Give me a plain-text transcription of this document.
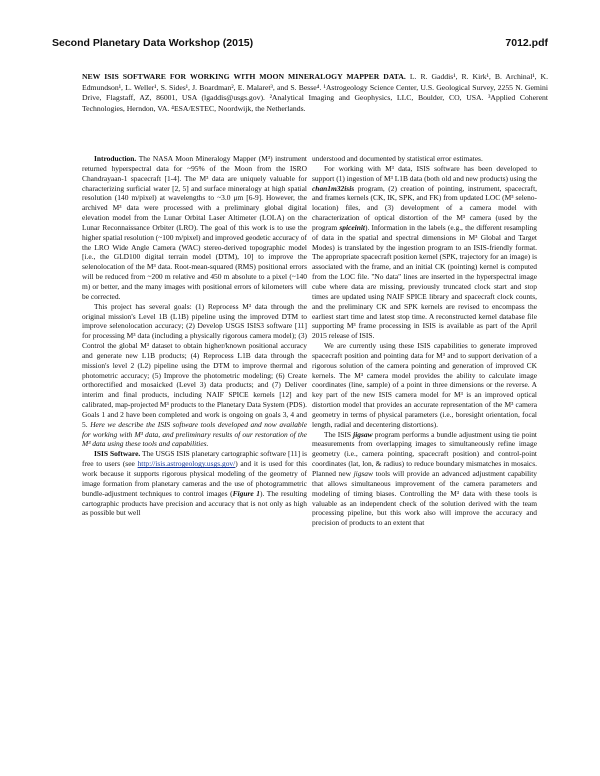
Second Planetary Data Workshop (2015)	7012.pdf
NEW ISIS SOFTWARE FOR WORKING WITH MOON MINERALOGY MAPPER DATA. L. R. Gaddis¹, R. Kirk¹, B. Archinal¹, K. Edmundson¹, L. Weller¹, S. Sides¹, J. Boardman², E. Malaret³, and S. Besse⁴. ¹Astrogeology Science Center, U.S. Geological Survey, 2255 N. Gemini Drive, Flagstaff, AZ, 86001, USA (lgaddis@usgs.gov). ²Analytical Imaging and Geophysics, LLC, Boulder, CO, USA. ³Applied Coherent Technologies, Herndon, VA. ⁴ESA/ESTEC, Noordwijk, the Netherlands.

Introduction. The NASA Moon Mineralogy Mapper (M³) instrument returned hyperspectral data for ~95% of the Moon from the ISRO Chandrayaan-1 spacecraft [1-4]. The M³ data are uniquely valuable for characterizing surficial water [2, 5] and surface mineralogy at high spatial resolution (140 m/pixel) at wavelengths to ~3.0 μm [6-9]. However, the archived M³ data were processed with a preliminary global digital elevation model from the Lunar Orbital Laser Altimeter (LOLA) on the Lunar Reconnaissance Orbiter (LRO). The goal of this work is to use the higher spatial resolution (~100 m/pixel) and improved geodetic accuracy of the LRO Wide Angle Camera (WAC) stereo-derived topographic model [i.e., the GLD100 digital terrain model (DTM), 10] to improve the selenolocation of the M³ data. Root-mean-squared (RMS) positional errors will be reduced from ~200 m relative and 450 m absolute to a pixel (~140 m) or better, and the many images with positional errors of kilometers will be corrected.

This project has several goals: (1) Reprocess M³ data through the original mission's Level 1B (L1B) pipeline using the improved DTM to improve selenolocation accuracy; (2) Develop USGS ISIS3 software [11] for processing M³ data (including a physically rigorous camera model); (3) Control the global M³ dataset to obtain higher/known positional accuracy and generate new L1B products; (4) Reprocess L1B data through the mission's level 2 (L2) pipeline using the DTM to improve thermal and photometric accuracy; (5) Improve the photometric modeling; (6) Create orthorectified and mosaicked (Level 3) data products; and (7) Deliver interim and final products, including NAIF SPICE kernels [12] and calibrated, map-projected M³ products to the Planetary Data System (PDS). Goals 1 and 2 have been completed and work is ongoing on goals 3, 4 and 5. Here we describe the ISIS software tools developed and now available for working with M³ data, and preliminary results of our restoration of the M³ data using these tools and capabilities.

ISIS Software. The USGS ISIS planetary cartographic software [11] is free to users (see http://isis.astrogeology.usgs.gov/) and it is used for this work because it supports rigorous physical modeling of the geometry of image formation from planetary cameras and the use of photogrammetric bundle-adjustment techniques to control images (Figure 1). The resulting cartographic products have precision and accuracy that is not only as high as possible but well

understood and documented by statistical error estimates.

For working with M³ data, ISIS software has been developed to support (1) ingestion of M³ L1B data (both old and new products) using the chan1m32isis program, (2) creation of pointing, instrument, spacecraft, and frames kernels (CK, IK, SPK, and FK) from updated LOC (M³ seleno-location) files, and (3) development of a camera model with characterization of optical distortion of the M³ camera (used by the program spiceinit). Information in the labels (e.g., the different resampling of data in the spatial and spectral dimensions in M³ Global and Target Modes) is translated by the ingestion program to an ISIS-friendly format. The appropriate spacecraft position kernel (SPK, trajectory for an image) is associated with the frame, and an initial CK (pointing) kernel is computed from the LOC file. "No data" lines are inserted in the hyperspectral image cube where data are missing, previously truncated clock start and stop times are updated using NAIF SPICE library and spacecraft clock counts, and the preliminary CK and SPK kernels are revised to encompass the earliest start time and latest stop time. A reconstructed kernel database file supporting M³ frame processing in ISIS is available as part of the April 2015 release of ISIS.

We are currently using these ISIS capabilities to generate improved spacecraft position and pointing data for M³ and to support derivation of a rigorous solution of the camera pointing and generation of improved CK kernels. The M³ camera model provides the ability to calculate image coordinates (line, sample) of a point in three dimensions or the reverse. A key part of the new ISIS camera model for M³ is an improved optical distortion model that provides an accurate representation of the M³ camera geometry in terms of physical parameters (i.e., boresight orientation, focal length, radial and decentering distortions).

The ISIS jigsaw program performs a bundle adjustment using tie point measurements from overlapping images to simultaneously refine image geometry (i.e., camera pointing, spacecraft position) and control-point coordinates (lat, lon, & radius) to reduce boundary mismatches in mosaics. Planned new jigsaw tools will provide an advanced adjustment capability that allows simultaneous improvement of the camera parameters and modeling of timing biases. Controlling the M³ data with these tools is valuable as an independent check of the solution derived with the team processing pipeline, but this work also will improve the accuracy and precision of products to an extent that
